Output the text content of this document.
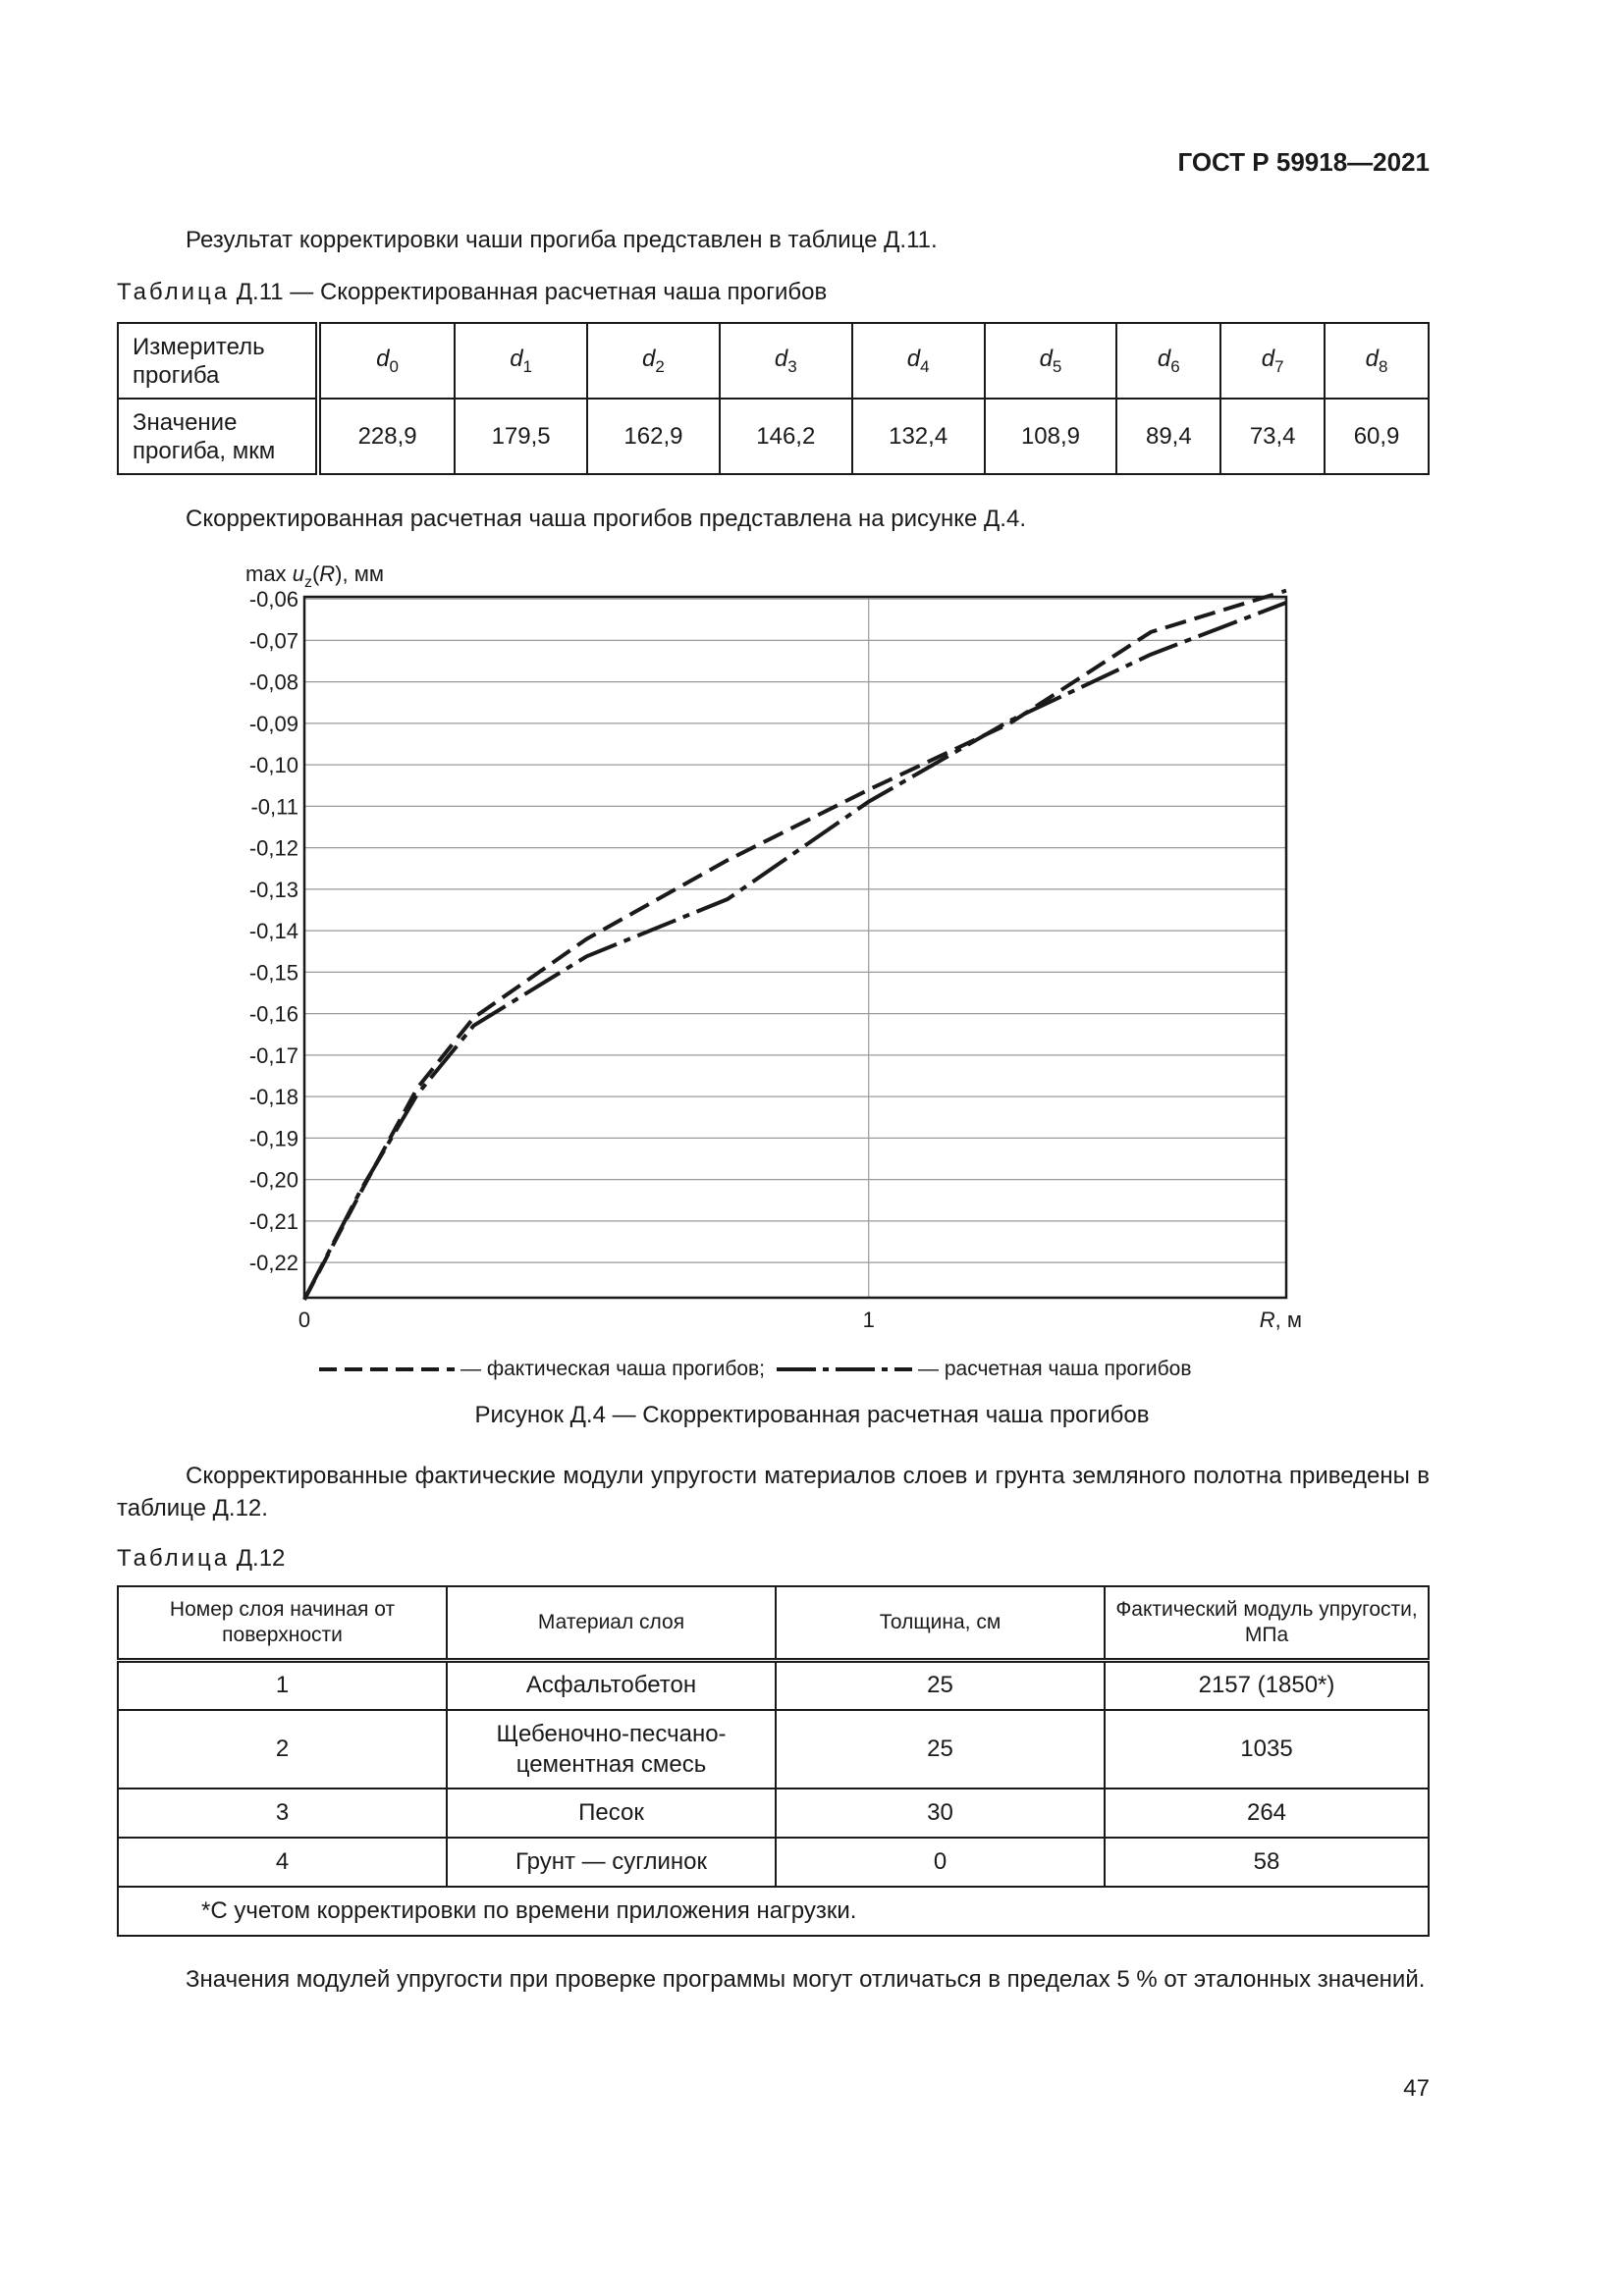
ГОСТ Р 59918—2021
Результат корректировки чаши прогиба представлен в таблице Д.11.
Таблица Д.11 — Скорректированная расчетная чаша прогибов
Измеритель прогиба	$d_0$	$d_1$	$d_2$	$d_3$	$d_4$	$d_5$	$d_6$	$d_7$	$d_8$
Значение прогиба, мкм	228,9	179,5	162,9	146,2	132,4	108,9	89,4	73,4	60,9
Скорректированная расчетная чаша прогибов представлена на рисунке Д.4.
-0,06
-0,07
-0,08
-0,09
-0,10
-0,11
-0,12
-0,13
-0,14
-0,15
-0,16
-0,17
-0,18
-0,19
-0,20
-0,21
-0,22
0	1
$\max u_z(R)$, мм
R, м
— фактическая чаша прогибов;	— расчетная чаша прогибов
Рисунок Д.4 — Скорректированная расчетная чаша прогибов
Скорректированные фактические модули упругости материалов слоев и грунта земляного полотна приведены в таблице Д.12.
Таблица Д.12
Номер слоя начиная от поверхности	Материал слоя	Толщина, см	Фактический модуль упругости, МПа
1	Асфальтобетон	25	2157 (1850*)
2	Щебеночно-песчано-цементная смесь	25	1035
3	Песок	30	264
4	Грунт — суглинок	0	58
*С учетом корректировки по времени приложения нагрузки.			
Значения модулей упругости при проверке программы могут отличаться в пределах 5 % от эталонных значений.
47
